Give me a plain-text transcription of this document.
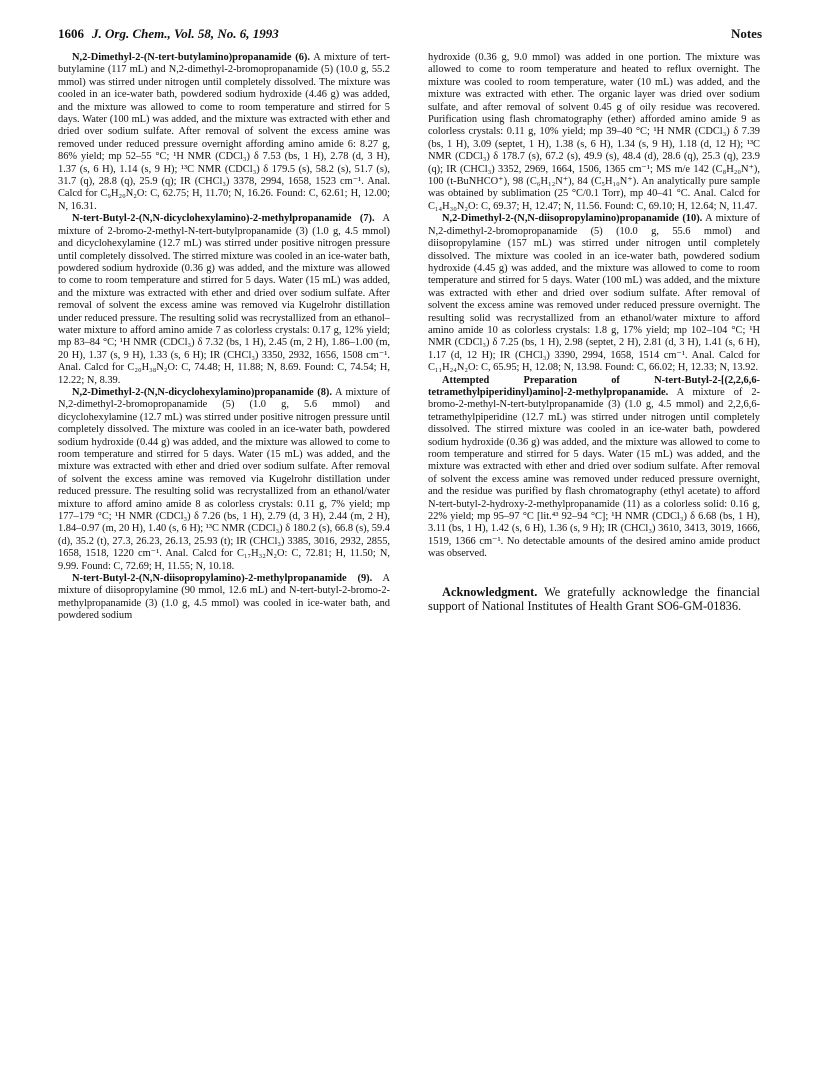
1606 J. Org. Chem., Vol. 58, No. 6, 1993	Notes

N,2-Dimethyl-2-(N-tert-butylamino)propanamide (6). A mixture of tert-butylamine (117 mL) and N,2-dimethyl-2-bromopropanamide (5) (10.0 g, 55.2 mmol) was stirred under nitrogen until completely dissolved. The mixture was cooled in an ice-water bath, powdered sodium hydroxide (4.46 g) was added, and the mixture was allowed to come to room temperature and stirred for 5 days. Water (100 mL) was added, and the mixture was extracted with ether and dried over sodium sulfate. After removal of solvent the excess amine was removed under reduced pressure overnight affording amino amide 6: 8.27 g, 86% yield; mp 52–55 °C; ¹H NMR (CDCl₃) δ 7.53 (bs, 1 H), 2.78 (d, 3 H), 1.37 (s, 6 H), 1.14 (s, 9 H); ¹³C NMR (CDCl₃) δ 179.5 (s), 58.2 (s), 51.7 (s), 31.7 (q), 28.8 (q), 25.9 (q); IR (CHCl₃) 3378, 2994, 1658, 1523 cm⁻¹. Anal. Calcd for C₉H₂₀N₂O: C, 62.75; H, 11.70; N, 16.26. Found: C, 62.61; H, 12.00; N, 16.31.

N-tert-Butyl-2-(N,N-dicyclohexylamino)-2-methylpropanamide (7). A mixture of 2-bromo-2-methyl-N-tert-butylpropanamide (3) (1.0 g, 4.5 mmol) and dicyclohexylamine (12.7 mL) was stirred under positive nitrogen pressure until completely dissolved. The stirred mixture was cooled in an ice-water bath, powdered sodium hydroxide (0.36 g) was added, and the mixture was allowed to come to room temperature and stirred for 5 days. Water (15 mL) was added, and the mixture was extracted with ether and dried over sodium sulfate. After removal of solvent the excess amine was removed via Kugelrohr distillation under reduced pressure. The resulting solid was recrystallized from an ethanol–water mixture to afford amino amide 7 as colorless crystals: 0.17 g, 12% yield; mp 83–84 °C; ¹H NMR (CDCl₃) δ 7.32 (bs, 1 H), 2.45 (m, 2 H), 1.86–1.00 (m, 20 H), 1.37 (s, 9 H), 1.33 (s, 6 H); IR (CHCl₃) 3350, 2932, 1656, 1508 cm⁻¹. Anal. Calcd for C₂₀H₃₈N₂O: C, 74.48; H, 11.88; N, 8.69. Found: C, 74.54; H, 12.22; N, 8.39.

N,2-Dimethyl-2-(N,N-dicyclohexylamino)propanamide (8). A mixture of N,2-dimethyl-2-bromopropanamide (5) (1.0 g, 5.6 mmol) and dicyclohexylamine (12.7 mL) was stirred under positive nitrogen pressure until completely dissolved. The mixture was cooled in an ice-water bath, powdered sodium hydroxide (0.44 g) was added, and the mixture was allowed to come to room temperature and stirred for 5 days. Water (15 mL) was added, and the mixture was extracted with ether and dried over sodium sulfate. After removal of solvent the excess amine was removed via Kugelrohr distillation under reduced pressure. The resulting solid was recrystallized from an ethanol/water mixture to afford amino amide 8 as colorless crystals: 0.11 g, 7% yield; mp 177–179 °C; ¹H NMR (CDCl₃) δ 7.26 (bs, 1 H), 2.79 (d, 3 H), 2.44 (m, 2 H), 1.84–0.97 (m, 20 H), 1.40 (s, 6 H); ¹³C NMR (CDCl₃) δ 180.2 (s), 66.8 (s), 59.4 (d), 35.2 (t), 27.3, 26.23, 26.13, 25.93 (t); IR (CHCl₃) 3385, 3016, 2932, 2855, 1658, 1518, 1220 cm⁻¹. Anal. Calcd for C₁₇H₃₂N₂O: C, 72.81; H, 11.50; N, 9.99. Found: C, 72.69; H, 11.55; N, 10.18.

N-tert-Butyl-2-(N,N-diisopropylamino)-2-methylpropanamide (9). A mixture of diisopropylamine (90 mmol, 12.6 mL) and N-tert-butyl-2-bromo-2-methylpropanamide (3) (1.0 g, 4.5 mmol) was cooled in ice-water bath, and powdered sodium

hydroxide (0.36 g, 9.0 mmol) was added in one portion. The mixture was allowed to come to room temperature and heated to reflux overnight. The mixture was cooled to room temperature, water (10 mL) was added, and the mixture was extracted with ether. The organic layer was dried over sodium sulfate, and after removal of solvent 0.45 g of oily residue was recovered. Purification using flash chromatography (ether) afforded amino amide 9 as colorless crystals: 0.11 g, 10% yield; mp 39–40 °C; ¹H NMR (CDCl₃) δ 7.39 (bs, 1 H), 3.09 (septet, 1 H), 1.38 (s, 6 H), 1.34 (s, 9 H), 1.18 (d, 12 H); ¹³C NMR (CDCl₃) δ 178.7 (s), 67.2 (s), 49.9 (s), 48.4 (d), 28.6 (q), 25.3 (q), 23.9 (q); IR (CHCl₃) 3352, 2969, 1664, 1506, 1365 cm⁻¹; MS m/e 142 (C₈H₂₀N⁺), 100 (t-BuNHCO⁺), 98 (C₆H₁₂N⁺), 84 (C₅H₁₀N⁺). An analytically pure sample was obtained by sublimation (25 °C/0.1 Torr), mp 40–41 °C. Anal. Calcd for C₁₄H₃₀N₂O: C, 69.37; H, 12.47; N, 11.56. Found: C, 69.10; H, 12.64; N, 11.47.

N,2-Dimethyl-2-(N,N-diisopropylamino)propanamide (10). A mixture of N,2-dimethyl-2-bromopropanamide (5) (10.0 g, 55.6 mmol) and diisopropylamine (157 mL) was stirred under nitrogen until completely dissolved. The mixture was cooled in an ice-water bath, powdered sodium hydroxide (4.45 g) was added, and the mixture was allowed to come to room temperature and stirred for 5 days. Water (100 mL) was added, and the mixture was extracted with ether and dried over sodium sulfate. After removal of solvent the excess amine was removed under reduced pressure overnight. The resulting solid was recrystallized from an ethanol/water mixture to afford amino amide 10 as colorless crystals: 1.8 g, 17% yield; mp 102–104 °C; ¹H NMR (CDCl₃) δ 7.25 (bs, 1 H), 2.98 (septet, 2 H), 2.81 (d, 3 H), 1.41 (s, 6 H), 1.17 (d, 12 H); IR (CHCl₃) 3390, 2994, 1658, 1514 cm⁻¹. Anal. Calcd for C₁₁H₂₄N₂O: C, 65.95; H, 12.08; N, 13.98. Found: C, 66.02; H, 12.33; N, 13.92.

Attempted Preparation of N-tert-Butyl-2-[(2,2,6,6-tetramethylpiperidinyl)amino]-2-methylpropanamide. A mixture of 2-bromo-2-methyl-N-tert-butylpropanamide (3) (1.0 g, 4.5 mmol) and 2,2,6,6-tetramethylpiperidine (12.7 mL) was stirred under nitrogen until completely dissolved. The stirred mixture was cooled in an ice-water bath, powdered sodium hydroxide (0.36 g) was added, and the mixture was allowed to come to room temperature and stirred for 5 days. Water (15 mL) was added, and the mixture was extracted with ether and dried over sodium sulfate. After removal of solvent the excess amine was removed under reduced pressure overnight, and the residue was purified by flash chromatography (ethyl acetate) to afford N-tert-butyl-2-hydroxy-2-methylpropanamide (11) as a colorless solid: 0.16 g, 22% yield; mp 95–97 °C [lit.⁴³ 92–94 °C]; ¹H NMR (CDCl₃) δ 6.68 (bs, 1 H), 3.11 (bs, 1 H), 1.42 (s, 6 H), 1.36 (s, 9 H); IR (CHCl₃) 3610, 3413, 3019, 1666, 1519, 1366 cm⁻¹. No detectable amounts of the desired amino amide product was observed.

Acknowledgment. We gratefully acknowledge the financial support of National Institutes of Health Grant SO6-GM-01836.
